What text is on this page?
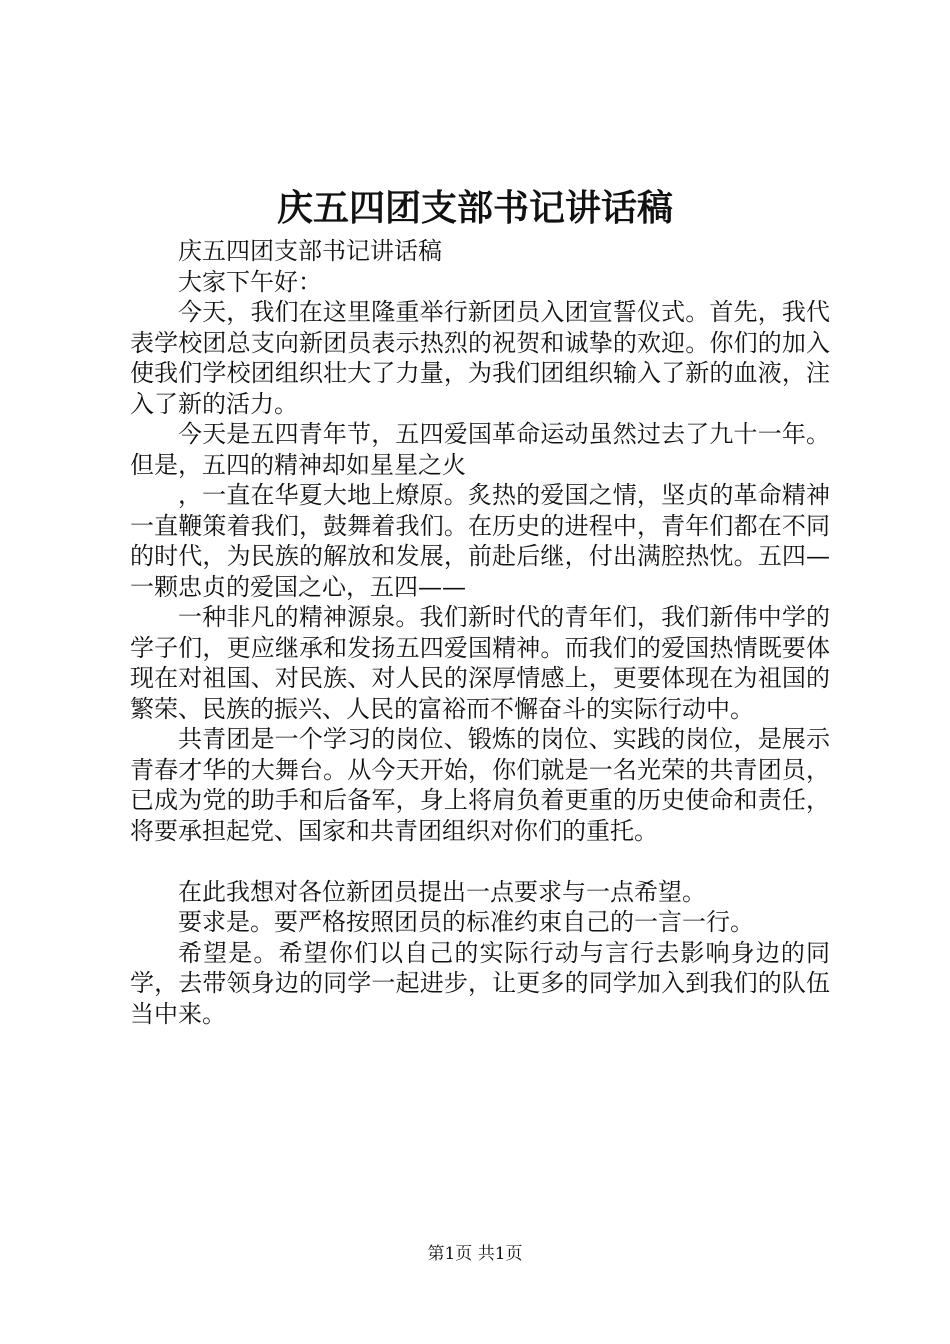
庆五四团支部书记讲话稿

庆五四团支部书记讲话稿

大家下午好：

今天，我们在这里隆重举行新团员入团宣誓仪式。首先，我代表学校团总支向新团员表示热烈的祝贺和诚挚的欢迎。你们的加入使我们学校团组织壮大了力量，为我们团组织输入了新的血液，注入了新的活力。

今天是五四青年节，五四爱国革命运动虽然过去了九十一年。但是，五四的精神却如星星之火

，一直在华夏大地上燎原。炙热的爱国之情，坚贞的革命精神一直鞭策着我们，鼓舞着我们。在历史的进程中，青年们都在不同的时代，为民族的解放和发展，前赴后继，付出满腔热忱。五四—一颗忠贞的爱国之心，五四——

一种非凡的精神源泉。我们新时代的青年们，我们新伟中学的学子们，更应继承和发扬五四爱国精神。而我们的爱国热情既要体现在对祖国、对民族、对人民的深厚情感上，更要体现在为祖国的繁荣、民族的振兴、人民的富裕而不懈奋斗的实际行动中。

共青团是一个学习的岗位、锻炼的岗位、实践的岗位，是展示青春才华的大舞台。从今天开始，你们就是一名光荣的共青团员，已成为党的助手和后备军，身上将肩负着更重的历史使命和责任，将要承担起党、国家和共青团组织对你们的重托。

在此我想对各位新团员提出一点要求与一点希望。

要求是。要严格按照团员的标准约束自己的一言一行。

希望是。希望你们以自己的实际行动与言行去影响身边的同学，去带领身边的同学一起进步，让更多的同学加入到我们的队伍当中来。

第1页 共1页
